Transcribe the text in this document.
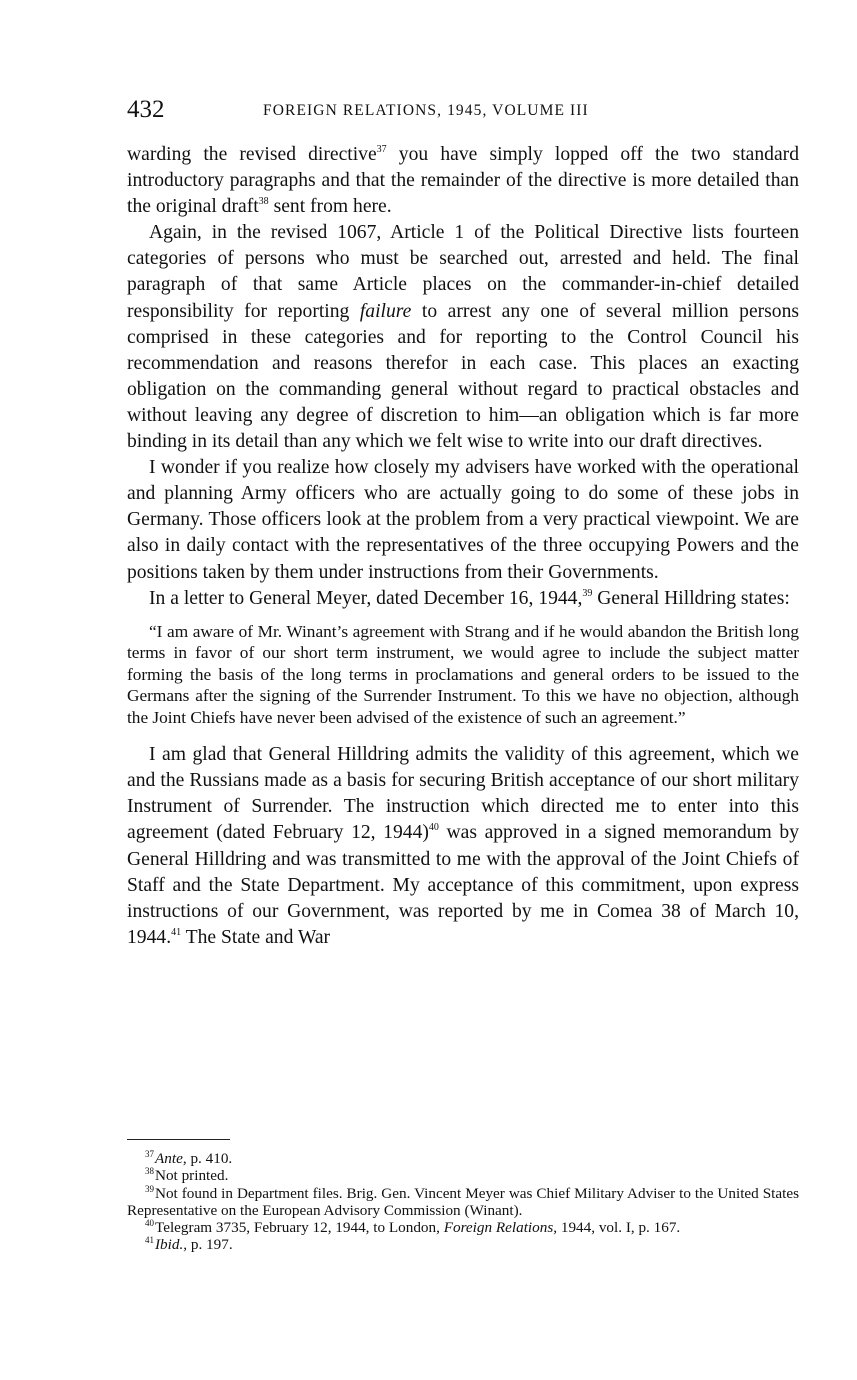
432	FOREIGN RELATIONS, 1945, VOLUME III

warding the revised directive$^{37}$ you have simply lopped off the two standard introductory paragraphs and that the remainder of the directive is more detailed than the original draft$^{38}$ sent from here.

Again, in the revised 1067, Article 1 of the Political Directive lists fourteen categories of persons who must be searched out, arrested and held. The final paragraph of that same Article places on the commander-in-chief detailed responsibility for reporting failure to arrest any one of several million persons comprised in these categories and for reporting to the Control Council his recommendation and reasons therefor in each case. This places an exacting obligation on the commanding general without regard to practical obstacles and without leaving any degree of discretion to him—an obligation which is far more binding in its detail than any which we felt wise to write into our draft directives.

I wonder if you realize how closely my advisers have worked with the operational and planning Army officers who are actually going to do some of these jobs in Germany. Those officers look at the problem from a very practical viewpoint. We are also in daily contact with the representatives of the three occupying Powers and the positions taken by them under instructions from their Governments.

In a letter to General Meyer, dated December 16, 1944,39 General Hilldring states:

“I am aware of Mr. Winant’s agreement with Strang and if he would abandon the British long terms in favor of our short term instrument, we would agree to include the subject matter forming the basis of the long terms in proclamations and general orders to be issued to the Germans after the signing of the Surrender Instrument. To this we have no objection, although the Joint Chiefs have never been advised of the existence of such an agreement.”

I am glad that General Hilldring admits the validity of this agreement, which we and the Russians made as a basis for securing British acceptance of our short military Instrument of Surrender. The instruction which directed me to enter into this agreement (dated February 12, 1944)$^{40}$ was approved in a signed memorandum by General Hilldring and was transmitted to me with the approval of the Joint Chiefs of Staff and the State Department. My acceptance of this commitment, upon express instructions of our Government, was reported by me in Comea 38 of March 10, 1944.41 The State and War

$^{37}$Ante, p. 410.

$^{38}$Not printed.

$^{39}$Not found in Department files. Brig. Gen. Vincent Meyer was Chief Military Adviser to the United States Representative on the European Advisory Commission (Winant).

$^{40}$Telegram 3735, February 12, 1944, to London, Foreign Relations, 1944, vol. I, p. 167.

$^{41}$Ibid., p. 197.
